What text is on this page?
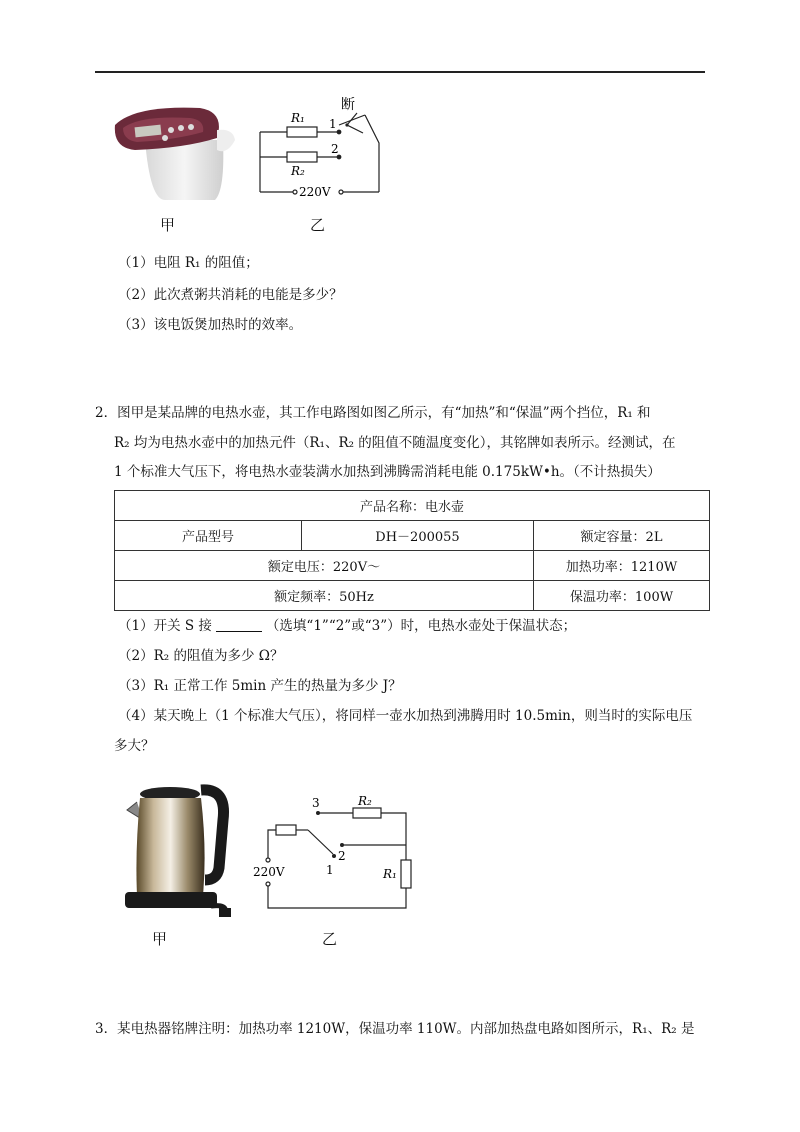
甲
R₁
R₂
断
1
2
220V
乙
（1）电阻 R₁ 的阻值；
（2）此次煮粥共消耗的电能是多少？
（3）该电饭煲加热时的效率。
2．图甲是某品牌的电热水壶，其工作电路图如图乙所示，有“加热”和“保温”两个挡位，R₁ 和
R₂ 均为电热水壶中的加热元件（R₁、R₂ 的阻值不随温度变化），其铭牌如表所示。经测试，在
1 个标准大气压下，将电热水壶装满水加热到沸腾需消耗电能 0.175kW•h。（不计热损失）
产品名称：电水壶		
产品型号	DH－200055	额定容量：2L
额定电压：220V～		加热功率：1210W
额定频率：50Hz		保温功率：100W
（1）开关 S 接	（选填“1”“2”或“3”）时，电热水壶处于保温状态；
（2）R₂ 的阻值为多少 Ω？
（3）R₁ 正常工作 5min 产生的热量为多少 J？
（4）某天晚上（1 个标准大气压），将同样一壶水加热到沸腾用时 10.5min，则当时的实际电压
多大？
甲
3	R₂
2
1	R₁
220V
乙
3．某电热器铭牌注明：加热功率 1210W，保温功率 110W。内部加热盘电路如图所示，R₁、R₂ 是
